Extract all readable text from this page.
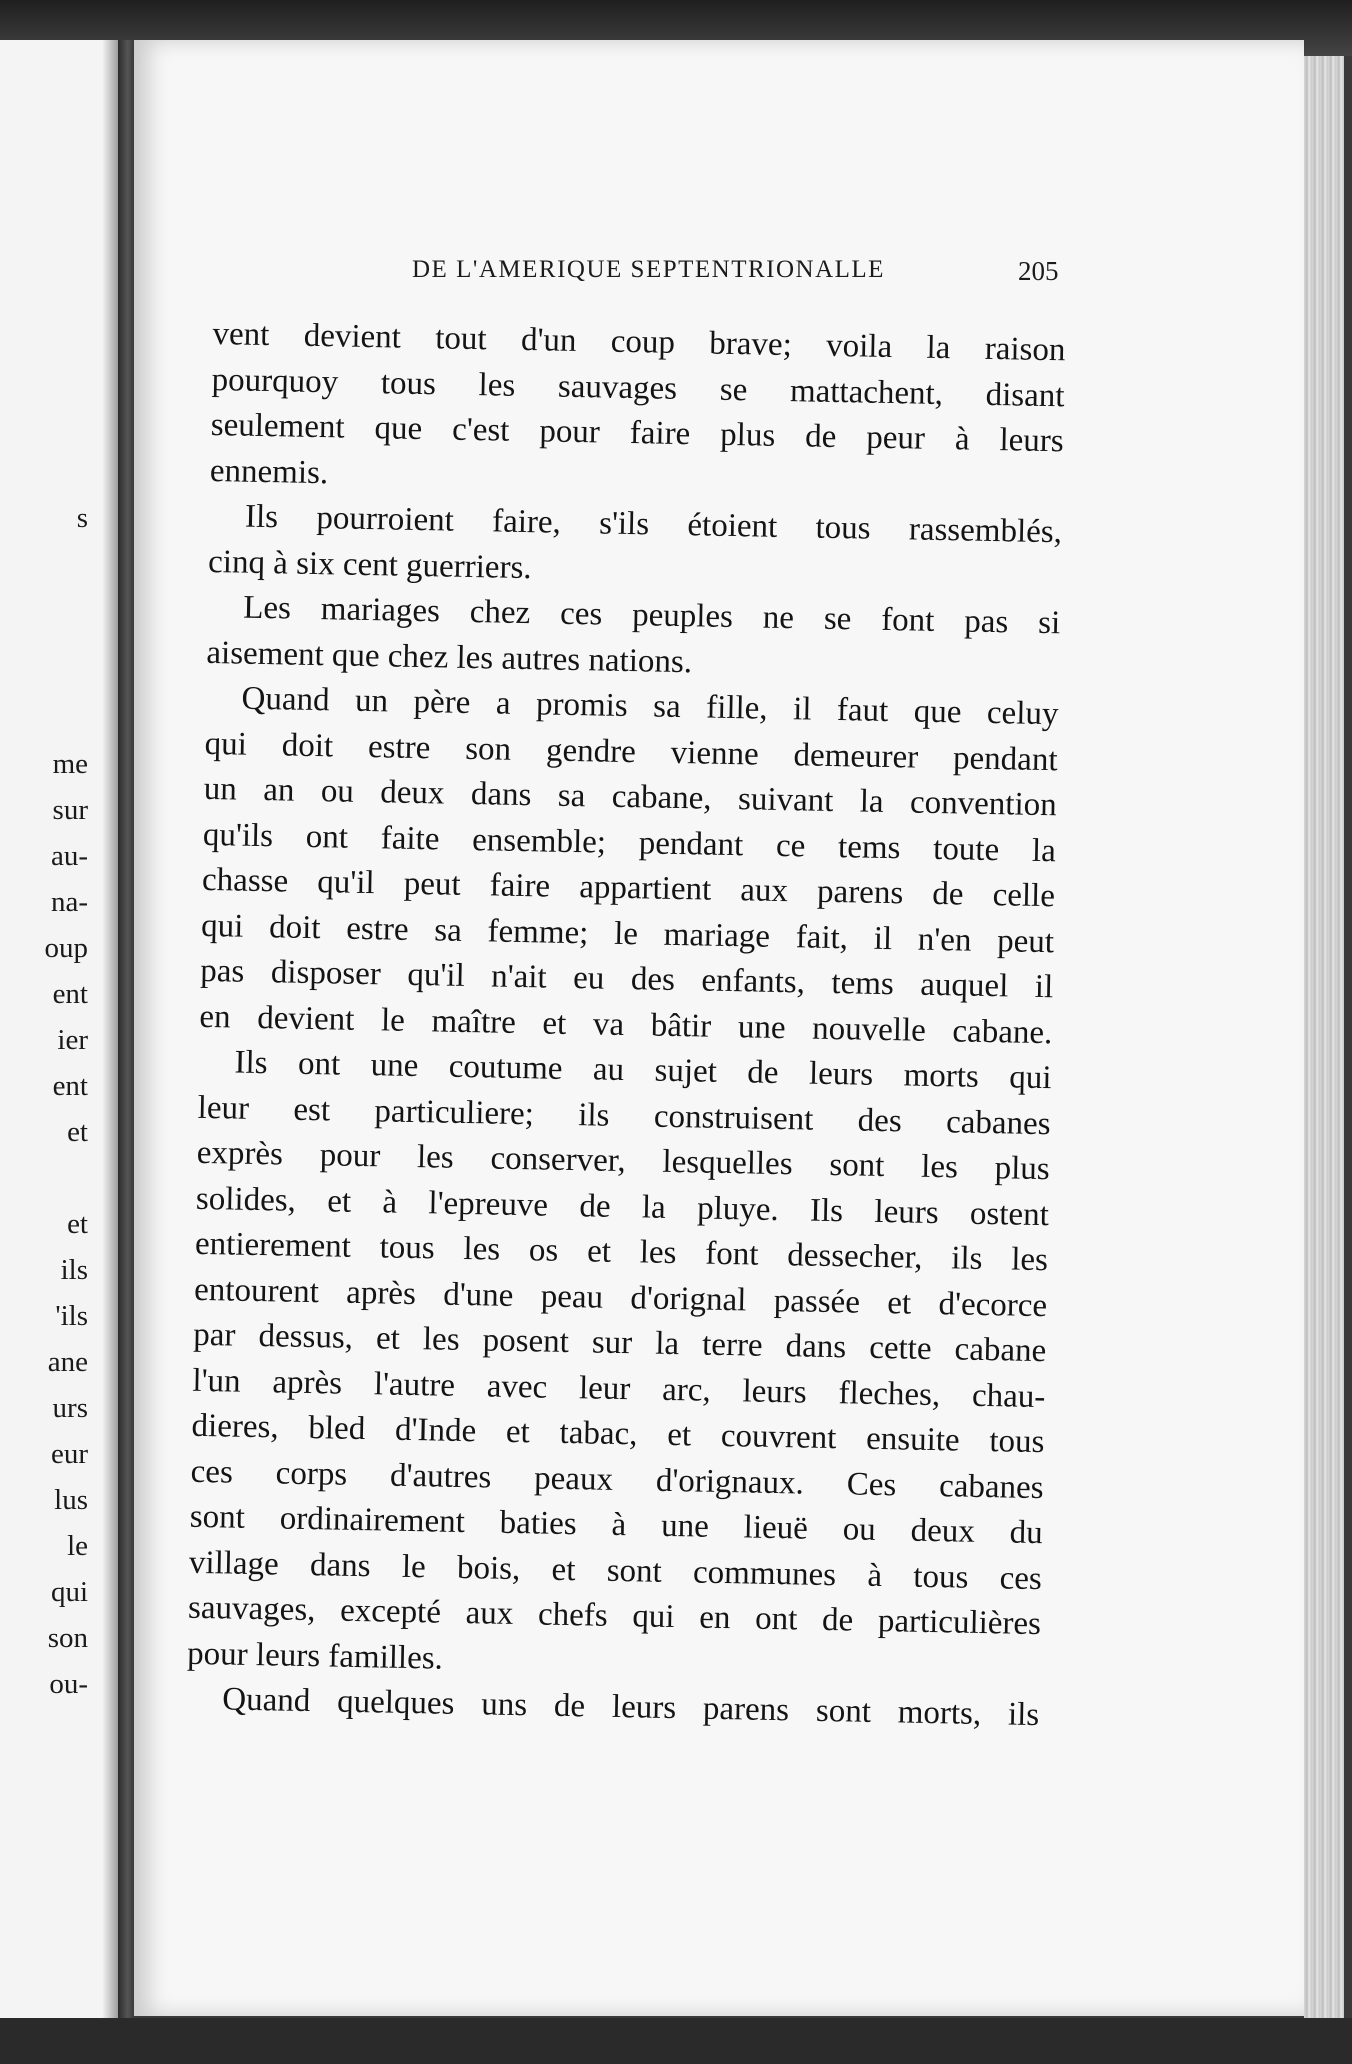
s
me
sur
au-
na-
oup
ent
ier
ent
et
et
ils
'ils
ane
urs
eur
lus
le
qui
son
ou-
DE L'AMERIQUE SEPTENTRIONALLE	205
vent devient tout d'un coup brave; voila la raison
pourquoy tous les sauvages se mattachent, disant
seulement que c'est pour faire plus de peur à leurs
ennemis.
Ils pourroient faire, s'ils étoient tous rassemblés,
cinq à six cent guerriers.
Les mariages chez ces peuples ne se font pas si
aisement que chez les autres nations.
Quand un père a promis sa fille, il faut que celuy
qui doit estre son gendre vienne demeurer pendant
un an ou deux dans sa cabane, suivant la convention
qu'ils ont faite ensemble; pendant ce tems toute la
chasse qu'il peut faire appartient aux parens de celle
qui doit estre sa femme; le mariage fait, il n'en peut
pas disposer qu'il n'ait eu des enfants, tems auquel il
en devient le maître et va bâtir une nouvelle cabane.
Ils ont une coutume au sujet de leurs morts qui
leur est particuliere; ils construisent des cabanes
exprès pour les conserver, lesquelles sont les plus
solides, et à l'epreuve de la pluye. Ils leurs ostent
entierement tous les os et les font dessecher, ils les
entourent après d'une peau d'orignal passée et d'ecorce
par dessus, et les posent sur la terre dans cette cabane
l'un après l'autre avec leur arc, leurs fleches, chau-
dieres, bled d'Inde et tabac, et couvrent ensuite tous
ces corps d'autres peaux d'orignaux. Ces cabanes
sont ordinairement baties à une lieuë ou deux du
village dans le bois, et sont communes à tous ces
sauvages, excepté aux chefs qui en ont de particulières
pour leurs familles.
Quand quelques uns de leurs parens sont morts, ils
